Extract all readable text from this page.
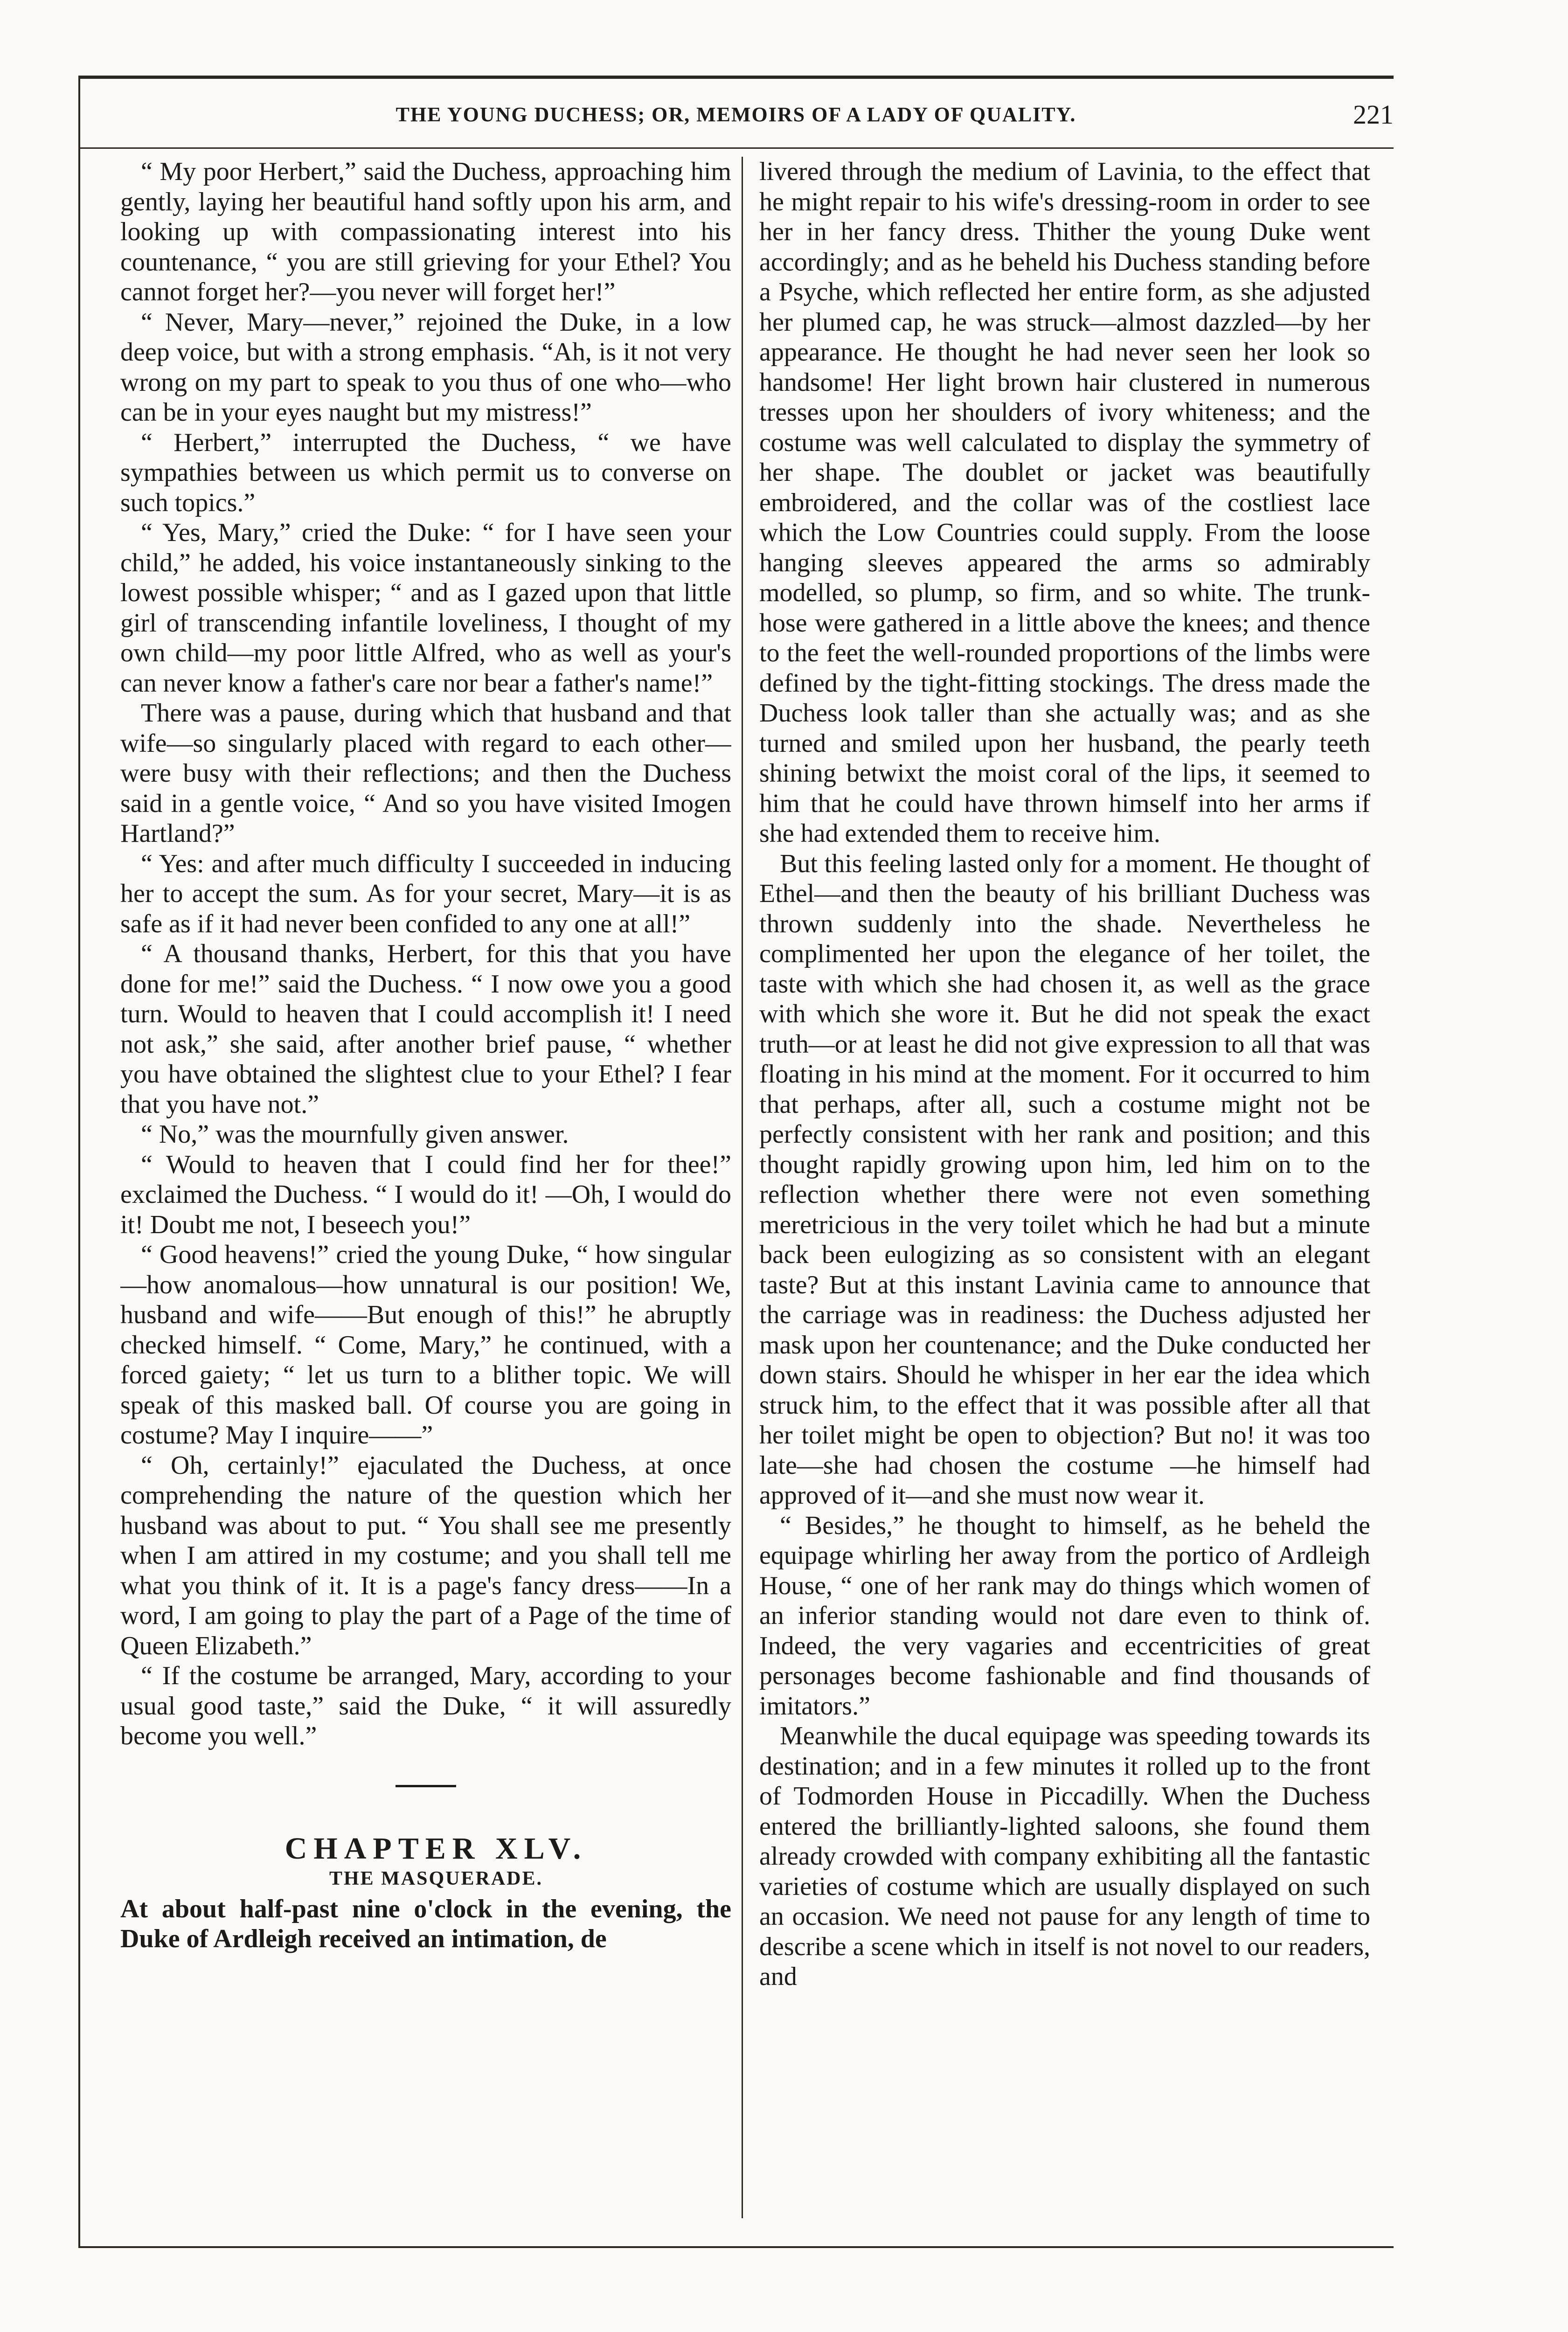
THE YOUNG DUCHESS; OR, MEMOIRS OF A LADY OF QUALITY.	221

“ My poor Herbert,” said the Duchess, approaching him gently, laying her beautiful hand softly upon his arm, and looking up with compassionating interest into his countenance, “ you are still grieving for your Ethel? You cannot forget her?—you never will forget her!”

“ Never, Mary—never,” rejoined the Duke, in a low deep voice, but with a strong emphasis. “Ah, is it not very wrong on my part to speak to you thus of one who—who can be in your eyes naught but my mistress!”

“ Herbert,” interrupted the Duchess, “ we have sympathies between us which permit us to converse on such topics.”

“ Yes, Mary,” cried the Duke: “ for I have seen your child,” he added, his voice instantaneously sinking to the lowest possible whisper; “ and as I gazed upon that little girl of transcending infantile loveliness, I thought of my own child—my poor little Alfred, who as well as your's can never know a father's care nor bear a father's name!”

There was a pause, during which that husband and that wife—so singularly placed with regard to each other—were busy with their reflections; and then the Duchess said in a gentle voice, “ And so you have visited Imogen Hartland?”

“ Yes: and after much difficulty I succeeded in inducing her to accept the sum. As for your secret, Mary—it is as safe as if it had never been confided to any one at all!”

“ A thousand thanks, Herbert, for this that you have done for me!” said the Duchess. “ I now owe you a good turn. Would to heaven that I could accomplish it! I need not ask,” she said, after another brief pause, “ whether you have obtained the slightest clue to your Ethel? I fear that you have not.”

“ No,” was the mournfully given answer.

“ Would to heaven that I could find her for thee!” exclaimed the Duchess. “ I would do it! —Oh, I would do it! Doubt me not, I beseech you!”

“ Good heavens!” cried the young Duke, “ how singular—how anomalous—how unnatural is our position! We, husband and wife——But enough of this!” he abruptly checked himself. “ Come, Mary,” he continued, with a forced gaiety; “ let us turn to a blither topic. We will speak of this masked ball. Of course you are going in costume? May I inquire——”

“ Oh, certainly!” ejaculated the Duchess, at once comprehending the nature of the question which her husband was about to put. “ You shall see me presently when I am attired in my costume; and you shall tell me what you think of it. It is a page's fancy dress——In a word, I am going to play the part of a Page of the time of Queen Elizabeth.”

“ If the costume be arranged, Mary, according to your usual good taste,” said the Duke, “ it will assuredly become you well.”

CHAPTER XLV.

THE MASQUERADE.

At about half-past nine o'clock in the evening, the Duke of Ardleigh received an intimation, de

livered through the medium of Lavinia, to the effect that he might repair to his wife's dressing-room in order to see her in her fancy dress. Thither the young Duke went accordingly; and as he beheld his Duchess standing before a Psyche, which reflected her entire form, as she adjusted her plumed cap, he was struck—almost dazzled—by her appearance. He thought he had never seen her look so handsome! Her light brown hair clustered in numerous tresses upon her shoulders of ivory whiteness; and the costume was well calculated to display the symmetry of her shape. The doublet or jacket was beautifully embroidered, and the collar was of the costliest lace which the Low Countries could supply. From the loose hanging sleeves appeared the arms so admirably modelled, so plump, so firm, and so white. The trunk-hose were gathered in a little above the knees; and thence to the feet the well-rounded proportions of the limbs were defined by the tight-fitting stockings. The dress made the Duchess look taller than she actually was; and as she turned and smiled upon her husband, the pearly teeth shining betwixt the moist coral of the lips, it seemed to him that he could have thrown himself into her arms if she had extended them to receive him.

But this feeling lasted only for a moment. He thought of Ethel—and then the beauty of his brilliant Duchess was thrown suddenly into the shade. Nevertheless he complimented her upon the elegance of her toilet, the taste with which she had chosen it, as well as the grace with which she wore it. But he did not speak the exact truth—or at least he did not give expression to all that was floating in his mind at the moment. For it occurred to him that perhaps, after all, such a costume might not be perfectly consistent with her rank and position; and this thought rapidly growing upon him, led him on to the reflection whether there were not even something meretricious in the very toilet which he had but a minute back been eulogizing as so consistent with an elegant taste? But at this instant Lavinia came to announce that the carriage was in readiness: the Duchess adjusted her mask upon her countenance; and the Duke conducted her down stairs. Should he whisper in her ear the idea which struck him, to the effect that it was possible after all that her toilet might be open to objection? But no! it was too late—she had chosen the costume —he himself had approved of it—and she must now wear it.

“ Besides,” he thought to himself, as he beheld the equipage whirling her away from the portico of Ardleigh House, “ one of her rank may do things which women of an inferior standing would not dare even to think of. Indeed, the very vagaries and eccentricities of great personages become fashionable and find thousands of imitators.”

Meanwhile the ducal equipage was speeding towards its destination; and in a few minutes it rolled up to the front of Todmorden House in Piccadilly. When the Duchess entered the brilliantly-lighted saloons, she found them already crowded with company exhibiting all the fantastic varieties of costume which are usually displayed on such an occasion. We need not pause for any length of time to describe a scene which in itself is not novel to our readers, and
